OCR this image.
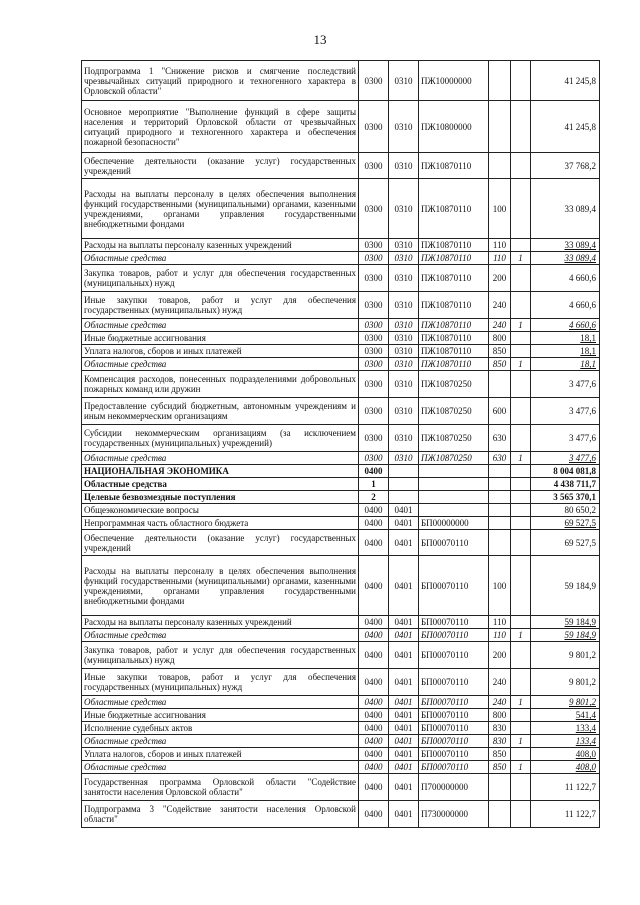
13
Подпрограмма 1 "Снижение рисков и смягчение последствий чрезвычайных ситуаций природного и техногенного характера в Орловской области"	0300	0310	ПЖ10000000			41 245,8
Основное мероприятие "Выполнение функций в сфере защиты населения и территорий Орловской области от чрезвычайных ситуаций природного и техногенного характера и обеспечения пожарной безопасности"	0300	0310	ПЖ10800000			41 245,8
Обеспечение деятельности (оказание услуг) государственных учреждений	0300	0310	ПЖ10870110			37 768,2
Расходы на выплаты персоналу в целях обеспечения выполнения функций государственными (муниципальными) органами, казенными учреждениями, органами управления государственными внебюджетными фондами	0300	0310	ПЖ10870110	100		33 089,4
Расходы на выплаты персоналу казенных учреждений	0300	0310	ПЖ10870110	110		33 089,4
Областные средства	0300	0310	ПЖ10870110	110	1	33 089,4
Закупка товаров, работ и услуг для обеспечения государственных (муниципальных) нужд	0300	0310	ПЖ10870110	200		4 660,6
Иные закупки товаров, работ и услуг для обеспечения государственных (муниципальных) нужд	0300	0310	ПЖ10870110	240		4 660,6
Областные средства	0300	0310	ПЖ10870110	240	1	4 660,6
Иные бюджетные ассигнования	0300	0310	ПЖ10870110	800		18,1
Уплата налогов, сборов и иных платежей	0300	0310	ПЖ10870110	850		18,1
Областные средства	0300	0310	ПЖ10870110	850	1	18,1
Компенсация расходов, понесенных подразделениями добровольных пожарных команд или дружин	0300	0310	ПЖ10870250			3 477,6
Предоставление субсидий бюджетным, автономным учреждениям и иным некоммерческим организациям	0300	0310	ПЖ10870250	600		3 477,6
Субсидии некоммерческим организациям (за исключением государственных (муниципальных) учреждений)	0300	0310	ПЖ10870250	630		3 477,6
Областные средства	0300	0310	ПЖ10870250	630	1	3 477,6
НАЦИОНАЛЬНАЯ ЭКОНОМИКА	0400					8 004 081,8
Областные средства	1					4 438 711,7
Целевые безвозмездные поступления	2					3 565 370,1
Общеэкономические вопросы	0400	0401				80 650,2
Непрограммная часть областного бюджета	0400	0401	БП00000000			69 527,5
Обеспечение деятельности (оказание услуг) государственных учреждений	0400	0401	БП00070110			69 527,5
Расходы на выплаты персоналу в целях обеспечения выполнения функций государственными (муниципальными) органами, казенными учреждениями, органами управления государственными внебюджетными фондами	0400	0401	БП00070110	100		59 184,9
Расходы на выплаты персоналу казенных учреждений	0400	0401	БП00070110	110		59 184,9
Областные средства	0400	0401	БП00070110	110	1	59 184,9
Закупка товаров, работ и услуг для обеспечения государственных (муниципальных) нужд	0400	0401	БП00070110	200		9 801,2
Иные закупки товаров, работ и услуг для обеспечения государственных (муниципальных) нужд	0400	0401	БП00070110	240		9 801,2
Областные средства	0400	0401	БП00070110	240	1	9 801,2
Иные бюджетные ассигнования	0400	0401	БП00070110	800		541,4
Исполнение судебных актов	0400	0401	БП00070110	830		133,4
Областные средства	0400	0401	БП00070110	830	1	133,4
Уплата налогов, сборов и иных платежей	0400	0401	БП00070110	850		408,0
Областные средства	0400	0401	БП00070110	850	1	408,0
Государственная программа Орловской области "Содействие занятости населения Орловской области"	0400	0401	П700000000			11 122,7
Подпрограмма 3 "Содействие занятости населения Орловской области"	0400	0401	П730000000			11 122,7
